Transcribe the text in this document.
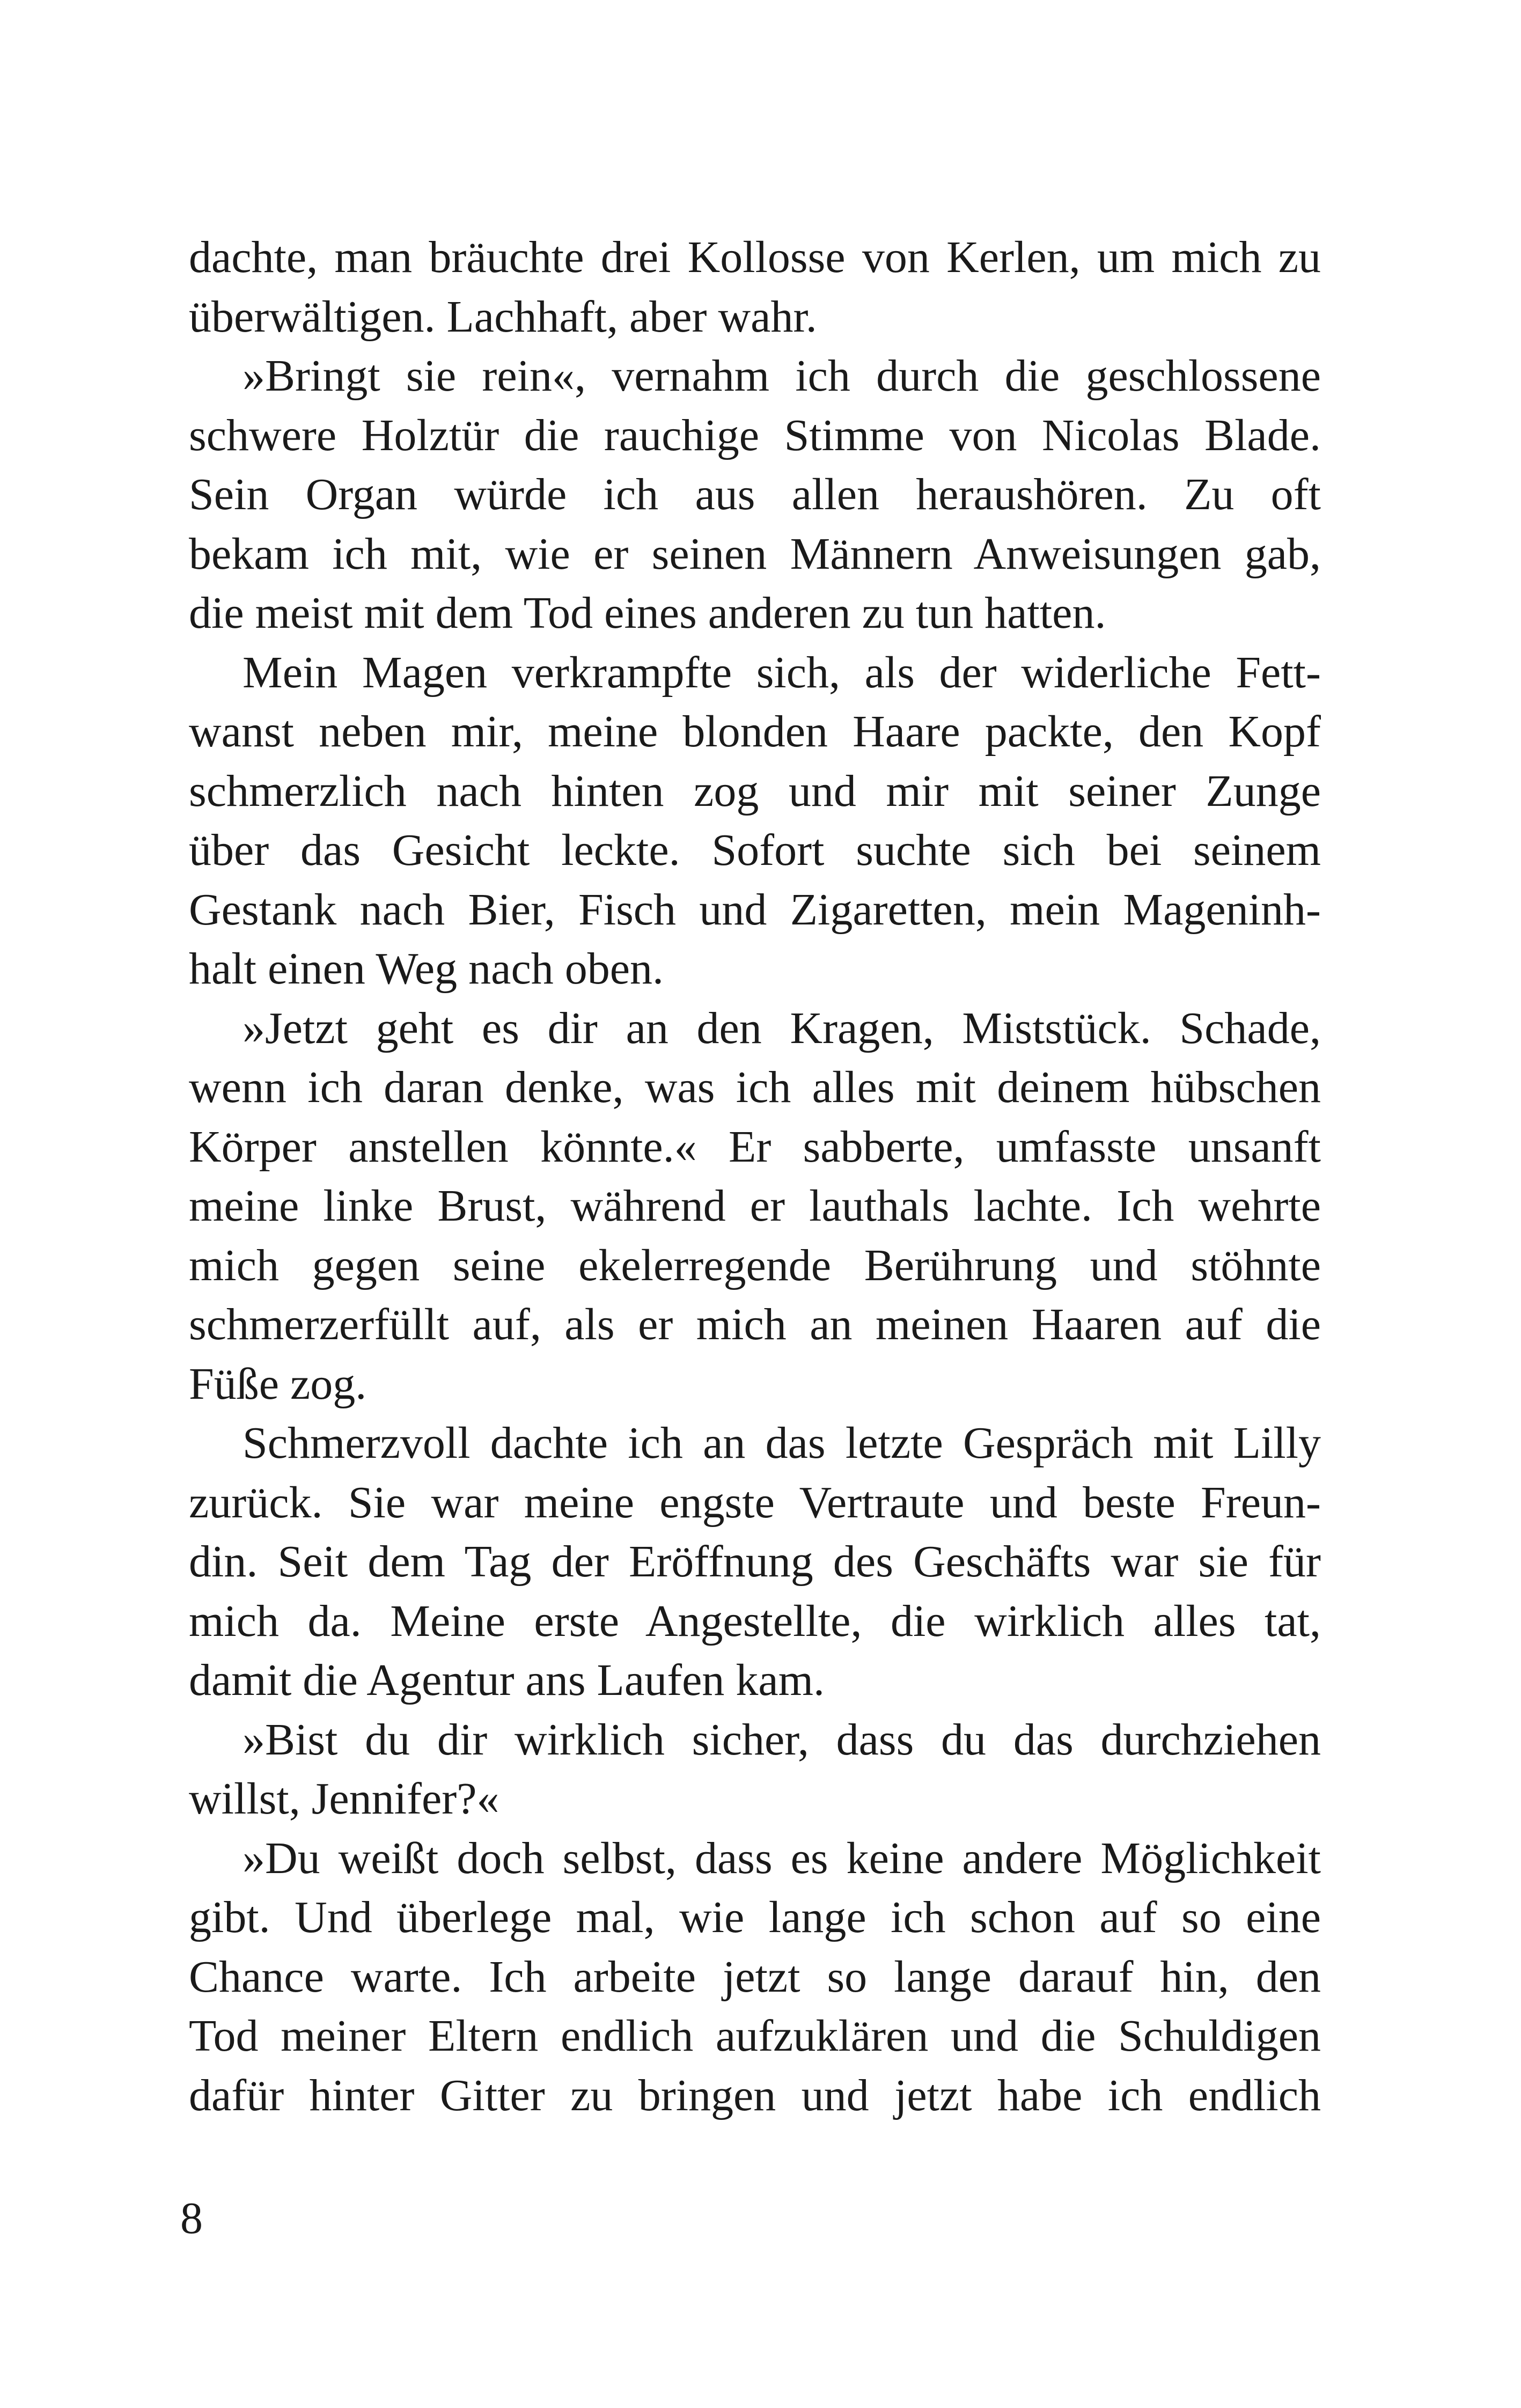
dachte, man bräuchte drei Kollosse von Kerlen, um mich zu
überwältigen. Lachhaft, aber wahr.
»Bringt sie rein«, vernahm ich durch die geschlossene
schwere Holztür die rauchige Stimme von Nicolas Blade.
Sein Organ würde ich aus allen heraushören. Zu oft
bekam ich mit, wie er seinen Männern Anweisungen gab,
die meist mit dem Tod eines anderen zu tun hatten.
Mein Magen verkrampfte sich, als der widerliche Fett-
wanst neben mir, meine blonden Haare packte, den Kopf
schmerzlich nach hinten zog und mir mit seiner Zunge
über das Gesicht leckte. Sofort suchte sich bei seinem
Gestank nach Bier, Fisch und Zigaretten, mein Mageninh-
halt einen Weg nach oben.
»Jetzt geht es dir an den Kragen, Miststück. Schade,
wenn ich daran denke, was ich alles mit deinem hübschen
Körper anstellen könnte.« Er sabberte, umfasste unsanft
meine linke Brust, während er lauthals lachte. Ich wehrte
mich gegen seine ekelerregende Berührung und stöhnte
schmerzerfüllt auf, als er mich an meinen Haaren auf die
Füße zog.
Schmerzvoll dachte ich an das letzte Gespräch mit Lilly
zurück. Sie war meine engste Vertraute und beste Freun-
din. Seit dem Tag der Eröffnung des Geschäfts war sie für
mich da. Meine erste Angestellte, die wirklich alles tat,
damit die Agentur ans Laufen kam.
»Bist du dir wirklich sicher, dass du das durchziehen
willst, Jennifer?«
»Du weißt doch selbst, dass es keine andere Möglichkeit
gibt. Und überlege mal, wie lange ich schon auf so eine
Chance warte. Ich arbeite jetzt so lange darauf hin, den
Tod meiner Eltern endlich aufzuklären und die Schuldigen
dafür hinter Gitter zu bringen und jetzt habe ich endlich
8
